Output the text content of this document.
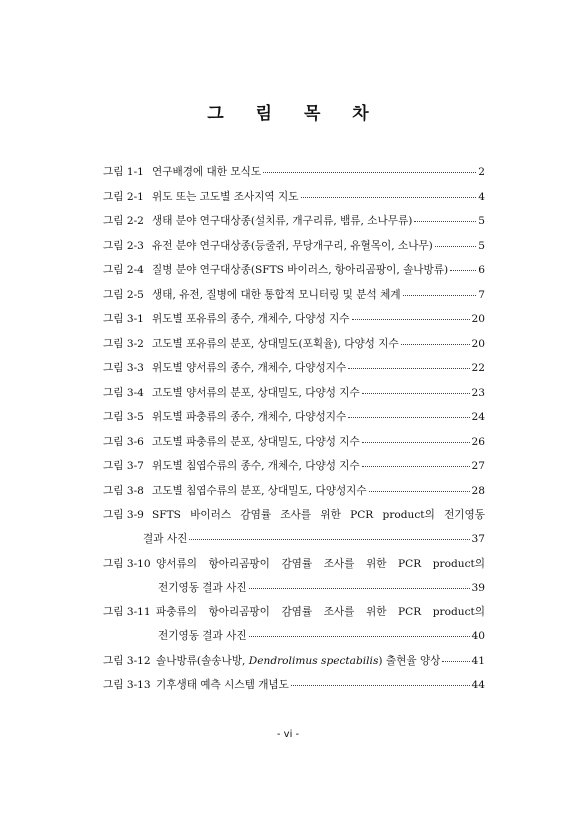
그 림 목 차
그림 1-1 연구배경에 대한 모식도	2
그림 2-1 위도 또는 고도별 조사지역 지도	4
그림 2-2 생태 분야 연구대상종(설치류, 개구리류, 뱀류, 소나무류)	5
그림 2-3 유전 분야 연구대상종(등줄쥐, 무당개구리, 유혈목이, 소나무)	5
그림 2-4 질병 분야 연구대상종(SFTS 바이러스, 항아리곰팡이, 솔나방류)	6
그림 2-5 생태, 유전, 질병에 대한 통합적 모니터링 및 분석 체계	7
그림 3-1 위도별 포유류의 종수, 개체수, 다양성 지수	20
그림 3-2 고도별 포유류의 분포, 상대밀도(포획율), 다양성 지수	20
그림 3-3 위도별 양서류의 종수, 개체수, 다양성지수	22
그림 3-4 고도별 양서류의 분포, 상대밀도, 다양성 지수	23
그림 3-5 위도별 파충류의 종수, 개체수, 다양성지수	24
그림 3-6 고도별 파충류의 분포, 상대밀도, 다양성 지수	26
그림 3-7 위도별 침엽수류의 종수, 개체수, 다양성 지수	27
그림 3-8 고도별 침엽수류의 분포, 상대밀도, 다양성지수	28
그림 3-9 SFTS 바이러스 감염률 조사를 위한 PCR product의 전기영동
결과 사진	37
그림 3-10 양서류의 항아리곰팡이 감염률 조사를 위한 PCR product의
전기영동 결과 사진	39
그림 3-11 파충류의 항아리곰팡이 감염률 조사를 위한 PCR product의
전기영동 결과 사진	40
그림 3-12 솔나방류(솔송나방, Dendrolimus spectabilis) 출현율 양상	41
그림 3-13 기후생태 예측 시스템 개념도	44
- vi -
